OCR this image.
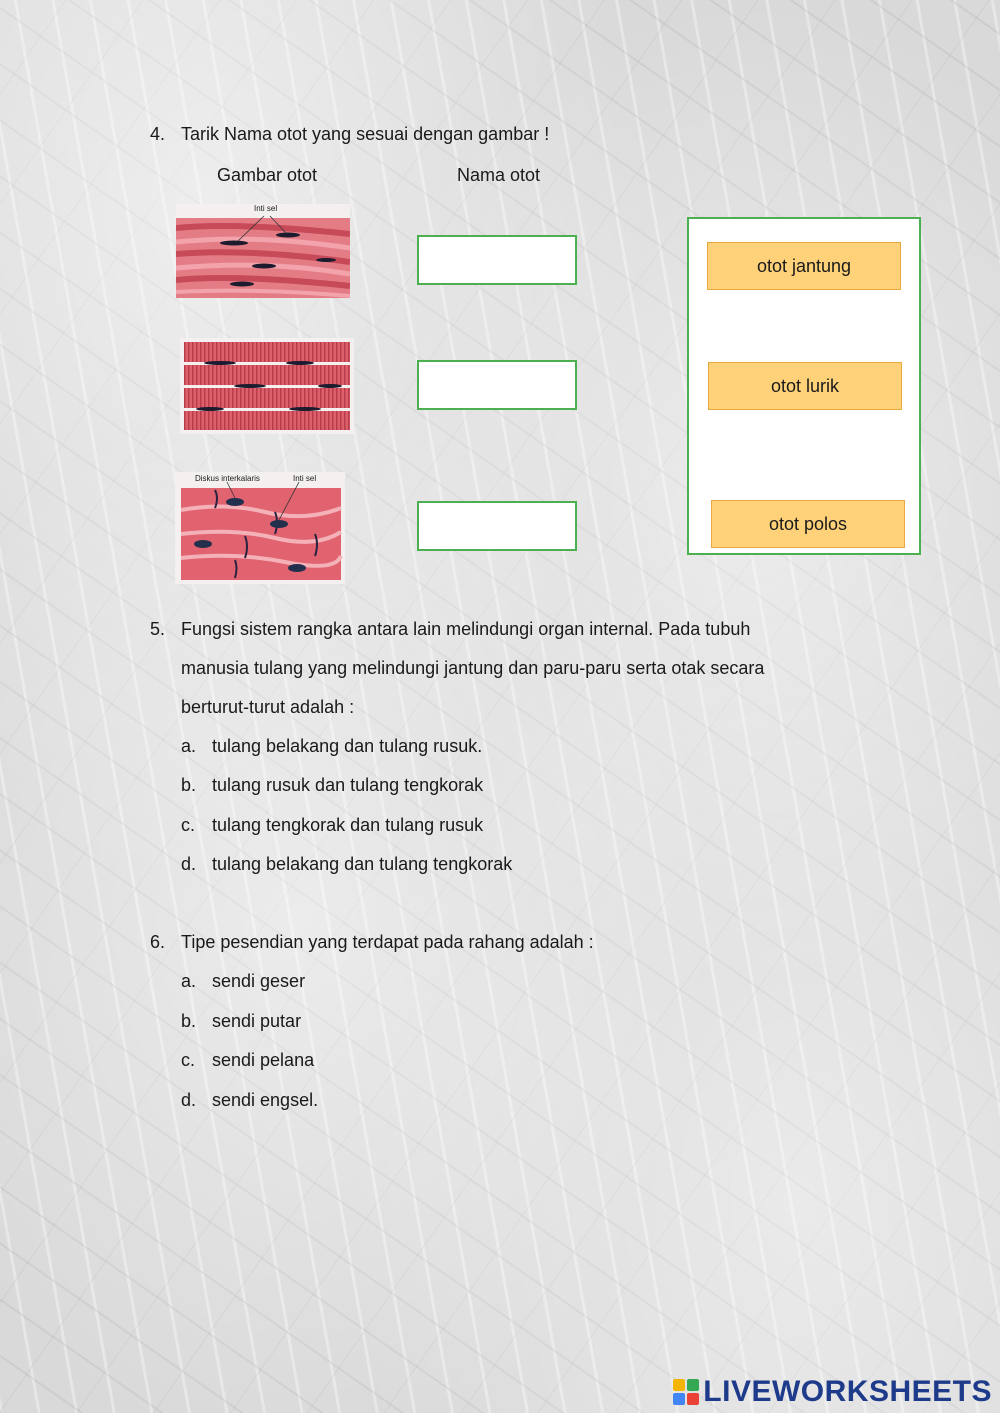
4. Tarik Nama otot yang sesuai dengan gambar !
Gambar otot	Nama otot
Inti sel
Diskus interkalaris	Inti sel
otot jantung
otot lurik
otot polos
5. Fungsi sistem rangka antara lain melindungi organ internal. Pada tubuh
manusia tulang yang melindungi jantung dan paru-paru serta otak secara
berturut-turut adalah :
a. tulang belakang dan tulang rusuk.
b. tulang rusuk dan tulang tengkorak
c. tulang tengkorak dan tulang rusuk
d. tulang belakang dan tulang tengkorak
6. Tipe pesendian yang terdapat pada rahang adalah :
a. sendi geser
b. sendi putar
c. sendi pelana
d. sendi engsel.
LIVEWORKSHEETS
